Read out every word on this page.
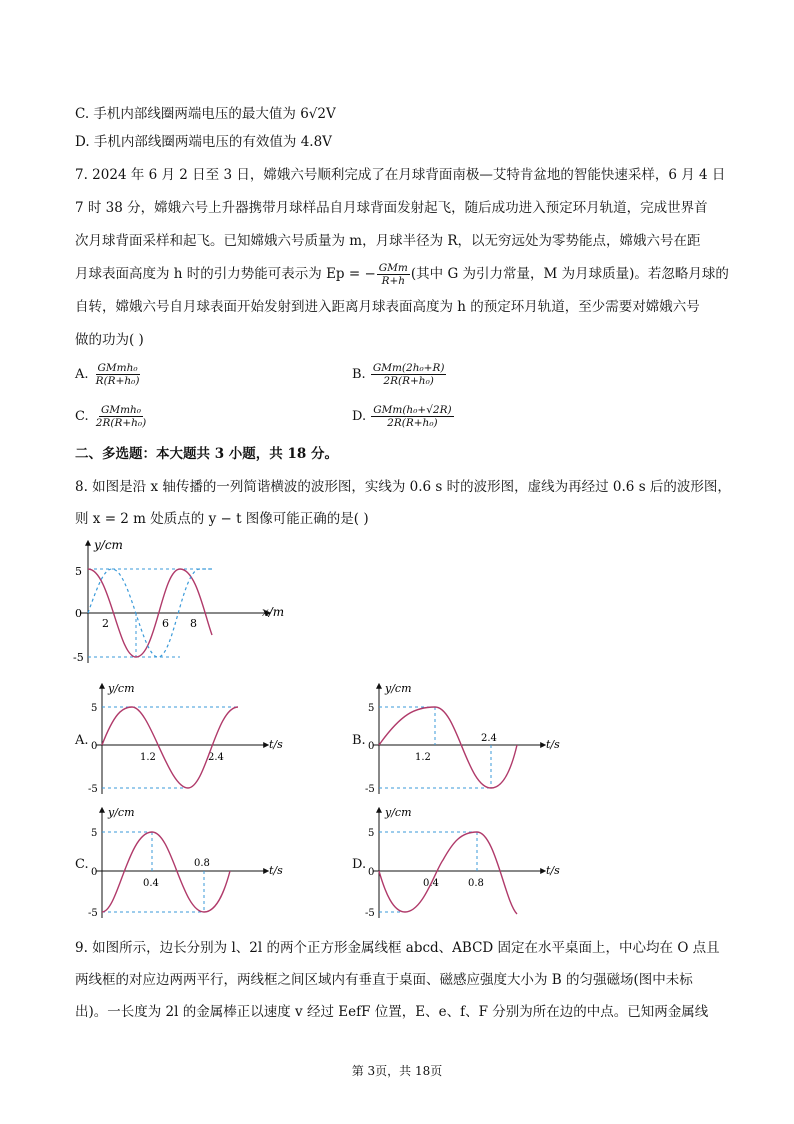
C. 手机内部线圈两端电压的最大值为 6√2V
D. 手机内部线圈两端电压的有效值为 4.8V
7. 2024 年 6 月 2 日至 3 日，嫦娥六号顺利完成了在月球背面南极—艾特肯盆地的智能快速采样，6 月 4 日
7 时 38 分，嫦娥六号上升器携带月球样品自月球背面发射起飞，随后成功进入预定环月轨道，完成世界首
次月球背面采样和起飞。已知嫦娥六号质量为 m，月球半径为 R，以无穷远处为零势能点，嫦娥六号在距
月球表面高度为 h 时的引力势能可表示为 Ep = − $\frac{\text{GMm}}{R+h}$ (其中 G 为引力常量，M 为月球质量)。若忽略月球的
自转，嫦娥六号自月球表面开始发射到进入距离月球表面高度为 h 的预定环月轨道，至少需要对嫦娥六号
做的功为( )
A. $\frac{\text{GMmh₀}}{\text{R(R+h₀)}}$	B. $\frac{\text{GMm(2h₀+R)}}{\text{2R(R+h₀)}}$
C. $\frac{\text{GMmh₀}}{\text{2R(R+h₀)}}$	D. $\frac{\text{GMm(h₀+√2R)}}{\text{2R(R+h₀)}}$
二、多选题：本大题共 3 小题，共 18 分。
8. 如图是沿 x 轴传播的一列简谐横波的波形图，实线为 0.6 s 时的波形图，虚线为再经过 0.6 s 后的波形图，
则 x = 2 m 处质点的 y − t 图像可能正确的是( )
y/cm
x/m
5
0
-5
2	6 8
A.	B.
C.	D.
y/cm
t/s
5
0
-5
1.2	2.4
y/cm
t/s
5
0
-5
1.2
2.4
y/cm
t/s
5
0
-5
0.4
0.8
y/cm
t/s
5
0
-5
0.4	0.8
9. 如图所示，边长分别为 l、2l 的两个正方形金属线框 abcd、ABCD 固定在水平桌面上，中心均在 O 点且
两线框的对应边两两平行，两线框之间区域内有垂直于桌面、磁感应强度大小为 B 的匀强磁场(图中未标
出)。一长度为 2l 的金属棒正以速度 v 经过 EefF 位置，E、e、f、F 分别为所在边的中点。已知两金属线
第 3页，共 18页
